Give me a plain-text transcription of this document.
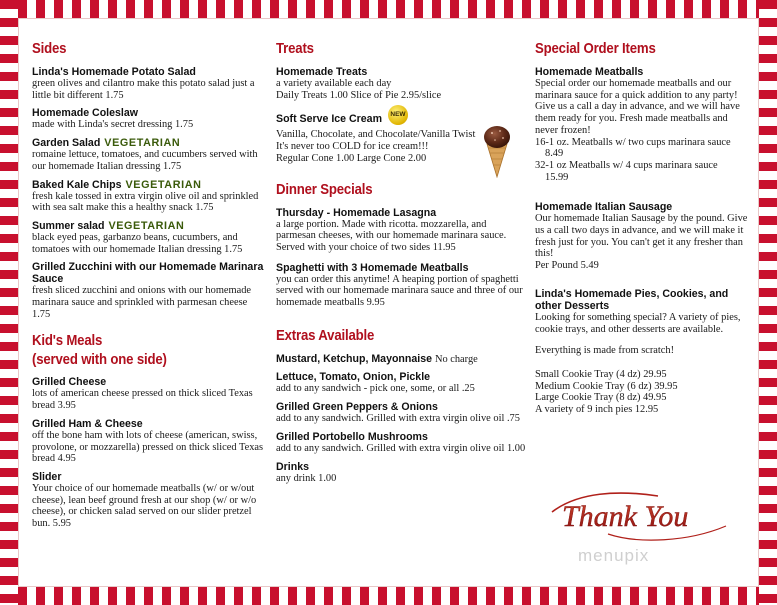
Sides
Linda's Homemade Potato Salad
green olives and cilantro make this potato salad just a little bit different 1.75
Homemade Coleslaw
made with Linda's secret dressing 1.75
Garden Salad VEGETARIAN
romaine lettuce, tomatoes, and cucumbers served with our homemade Italian dressing 1.75
Baked Kale Chips VEGETARIAN
fresh kale tossed in extra virgin olive oil and sprinkled with sea salt make this a healthy snack 1.75
Summer salad VEGETARIAN
black eyed peas, garbanzo beans, cucumbers, and tomatoes with our homemade Italian dressing 1.75
Grilled Zucchini with our Homemade Marinara Sauce
fresh sliced zucchini and onions with our homemade marinara sauce and sprinkled with parmesan cheese 1.75
Kid's Meals
(served with one side)
Grilled Cheese
lots of american cheese pressed on thick sliced Texas bread 3.95
Grilled Ham & Cheese
off the bone ham with lots of cheese (american, swiss, provolone, or mozzarella) pressed on thick sliced Texas bread 4.95
Slider
Your choice of our homemade meatballs (w/ or w/out cheese), lean beef ground fresh at our shop (w/ or w/o cheese), or chicken salad served on our slider pretzel bun. 5.95
Treats
Homemade Treats
a variety available each day
Daily Treats 1.00 Slice of Pie 2.95/slice
Soft Serve Ice Cream NEW
Vanilla, Chocolate, and Chocolate/Vanilla Twist
It's never too COLD for ice cream!!!
Regular Cone 1.00 Large Cone 2.00
Dinner Specials
Thursday - Homemade Lasagna
a large portion. Made with ricotta. mozzarella, and parmesan cheeses, with our homemade marinara sauce. Served with your choice of two sides 11.95
Spaghetti with 3 Homemade Meatballs
you can order this anytime! A heaping portion of spaghetti served with our homemade marinara sauce and three of our homemade meatballs 9.95
Extras Available
Mustard, Ketchup, Mayonnaise No charge
Lettuce, Tomato, Onion, Pickle
add to any sandwich - pick one, some, or all .25
Grilled Green Peppers & Onions
add to any sandwich. Grilled with extra virgin olive oil .75
Grilled Portobello Mushrooms
add to any sandwich. Grilled with extra virgin olive oil 1.00
Drinks
any drink 1.00
Special Order Items
Homemade Meatballs
Special order our homemade meatballs and our marinara sauce for a quick addition to any party! Give us a call a day in advance, and we will have them ready for you. Fresh made meatballs and never frozen!
16-1 oz. Meatballs w/ two cups marinara sauce
8.49
32-1 oz Meatballs w/ 4 cups marinara sauce
15.99
Homemade Italian Sausage
Our homemade Italian Sausage by the pound. Give us a call two days in advance, and we will make it fresh just for you. You can't get it any fresher than this!
Per Pound 5.49
Linda's Homemade Pies, Cookies, and other Desserts
Looking for something special? A variety of pies, cookie trays, and other desserts are available.
Everything is made from scratch!
Small Cookie Tray (4 dz) 29.95
Medium Cookie Tray (6 dz) 39.95
Large Cookie Tray (8 dz) 49.95
A variety of 9 inch pies 12.95
Thank You
menupix
